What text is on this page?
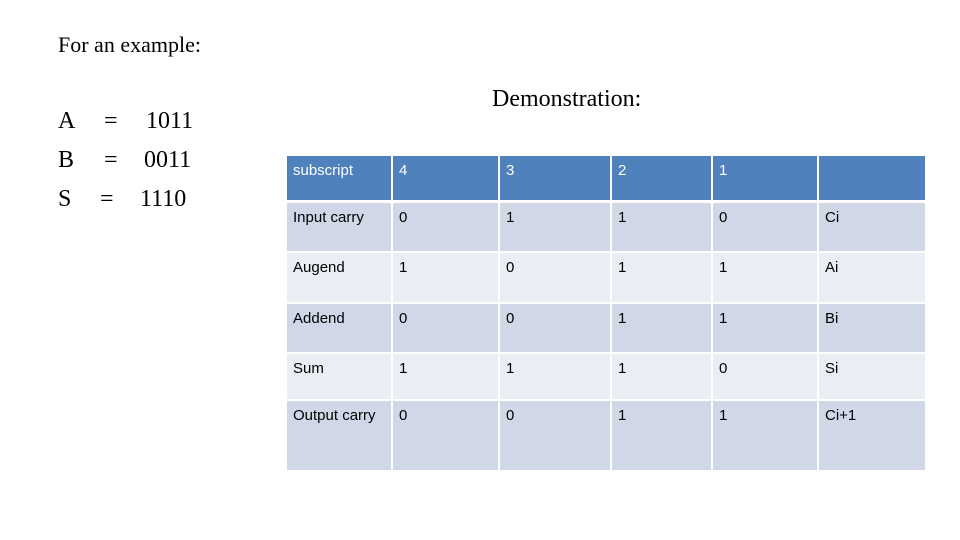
For an example:
A = 1011
B = 0011
S = 1110
Demonstration:
subscript	4	3	2	1	
Input carry	0	1	1	0	Ci
Augend	1	0	1	1	Ai
Addend	0	0	1	1	Bi
Sum	1	1	1	0	Si
Output carry	0	0	1	1	Ci+1
